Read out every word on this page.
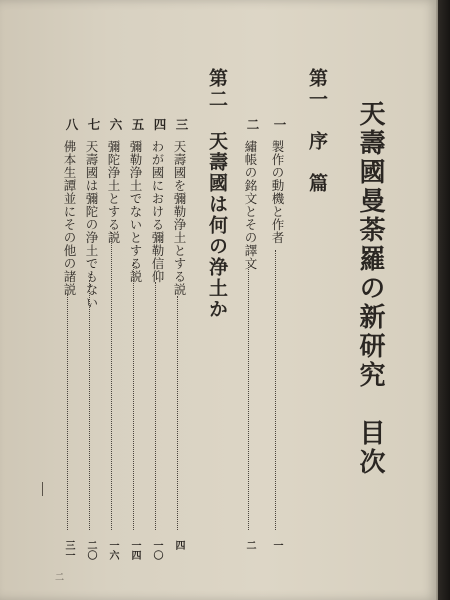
天壽國曼荼羅の新研究　目次
第一　序　篇
一
製作の動機と作者
一
二
繡帳の銘文とその譯文
二
第二　天壽國は何の浄土か
三
天壽國を彌勒浄土とする説
四
四
わが國における彌勒信仰
一〇
五
彌勒浄土でないとする説
一四
六
彌陀浄土とする説
一六
七
天壽國は彌陀の浄土でもない
二〇
八
佛本生譚並にその他の諸説
三一
二
